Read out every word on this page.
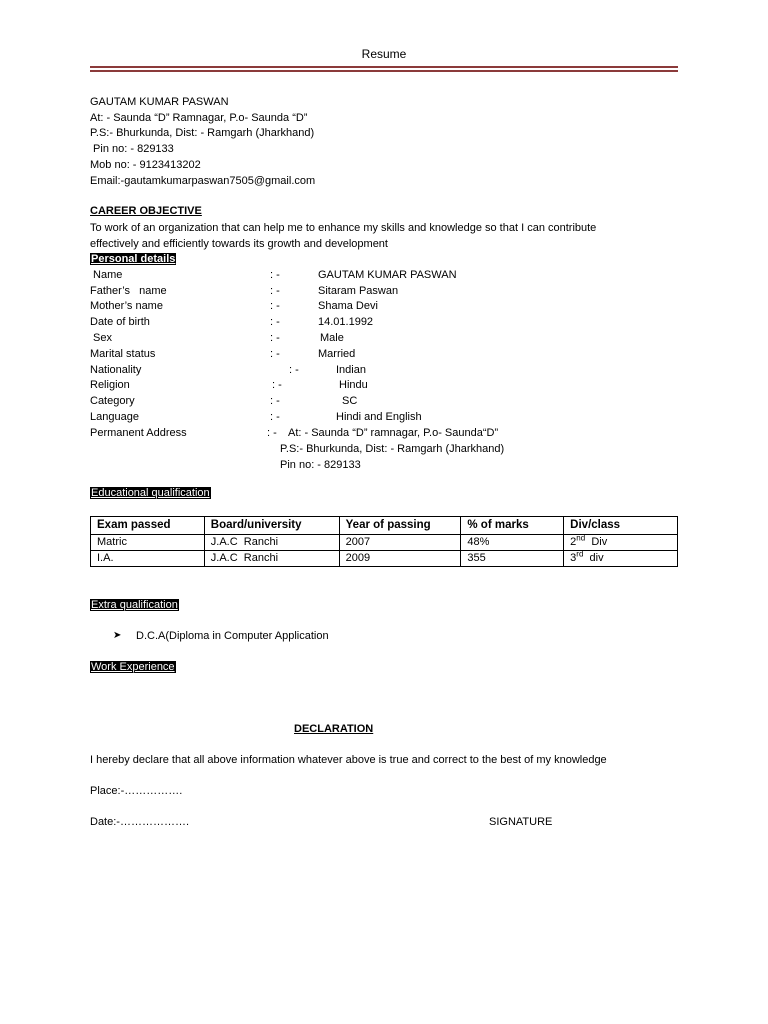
Resume
GAUTAM KUMAR PASWAN
At: - Saunda “D” Ramnagar, P.o- Saunda “D”
P.S:- Bhurkunda, Dist: - Ramgarh (Jharkhand)
Pin no: - 829133
Mob no: - 9123413202
Email:-gautamkumarpaswan7505@gmail.com
CAREER OBJECTIVE
To work of an organization that can help me to enhance my skills and knowledge so that I can contribute
effectively and efficiently towards its growth and development
Personal details
Name	: -	GAUTAM KUMAR PASWAN
Father’s   name	: -	Sitaram Paswan
Mother’s name	: -	Shama Devi
Date of birth	: -	14.01.1992
Sex	: -	Male
Marital status	: -	Married
Nationality	: -	Indian
Religion	: -	Hindu
Category	: -	SC
Language	: -	Hindi and English
Permanent Address	: - At: - Saunda “D” ramnagar, P.o- Saunda“D”
P.S:- Bhurkunda, Dist: - Ramgarh (Jharkhand)
Pin no: - 829133
Educational qualification
Exam passed	Board/university	Year of passing	% of marks	Div/class
Matric	J.A.C  Ranchi	2007	48%	2nd  Div
I.A.	J.A.C  Ranchi	2009	355	3rd  div
Extra qualification
➤ D.C.A(Diploma in Computer Application
Work Experience
DECLARATION
I hereby declare that all above information whatever above is true and correct to the best of my knowledge
Place:-…………….
Date:-……………….	SIGNATURE
